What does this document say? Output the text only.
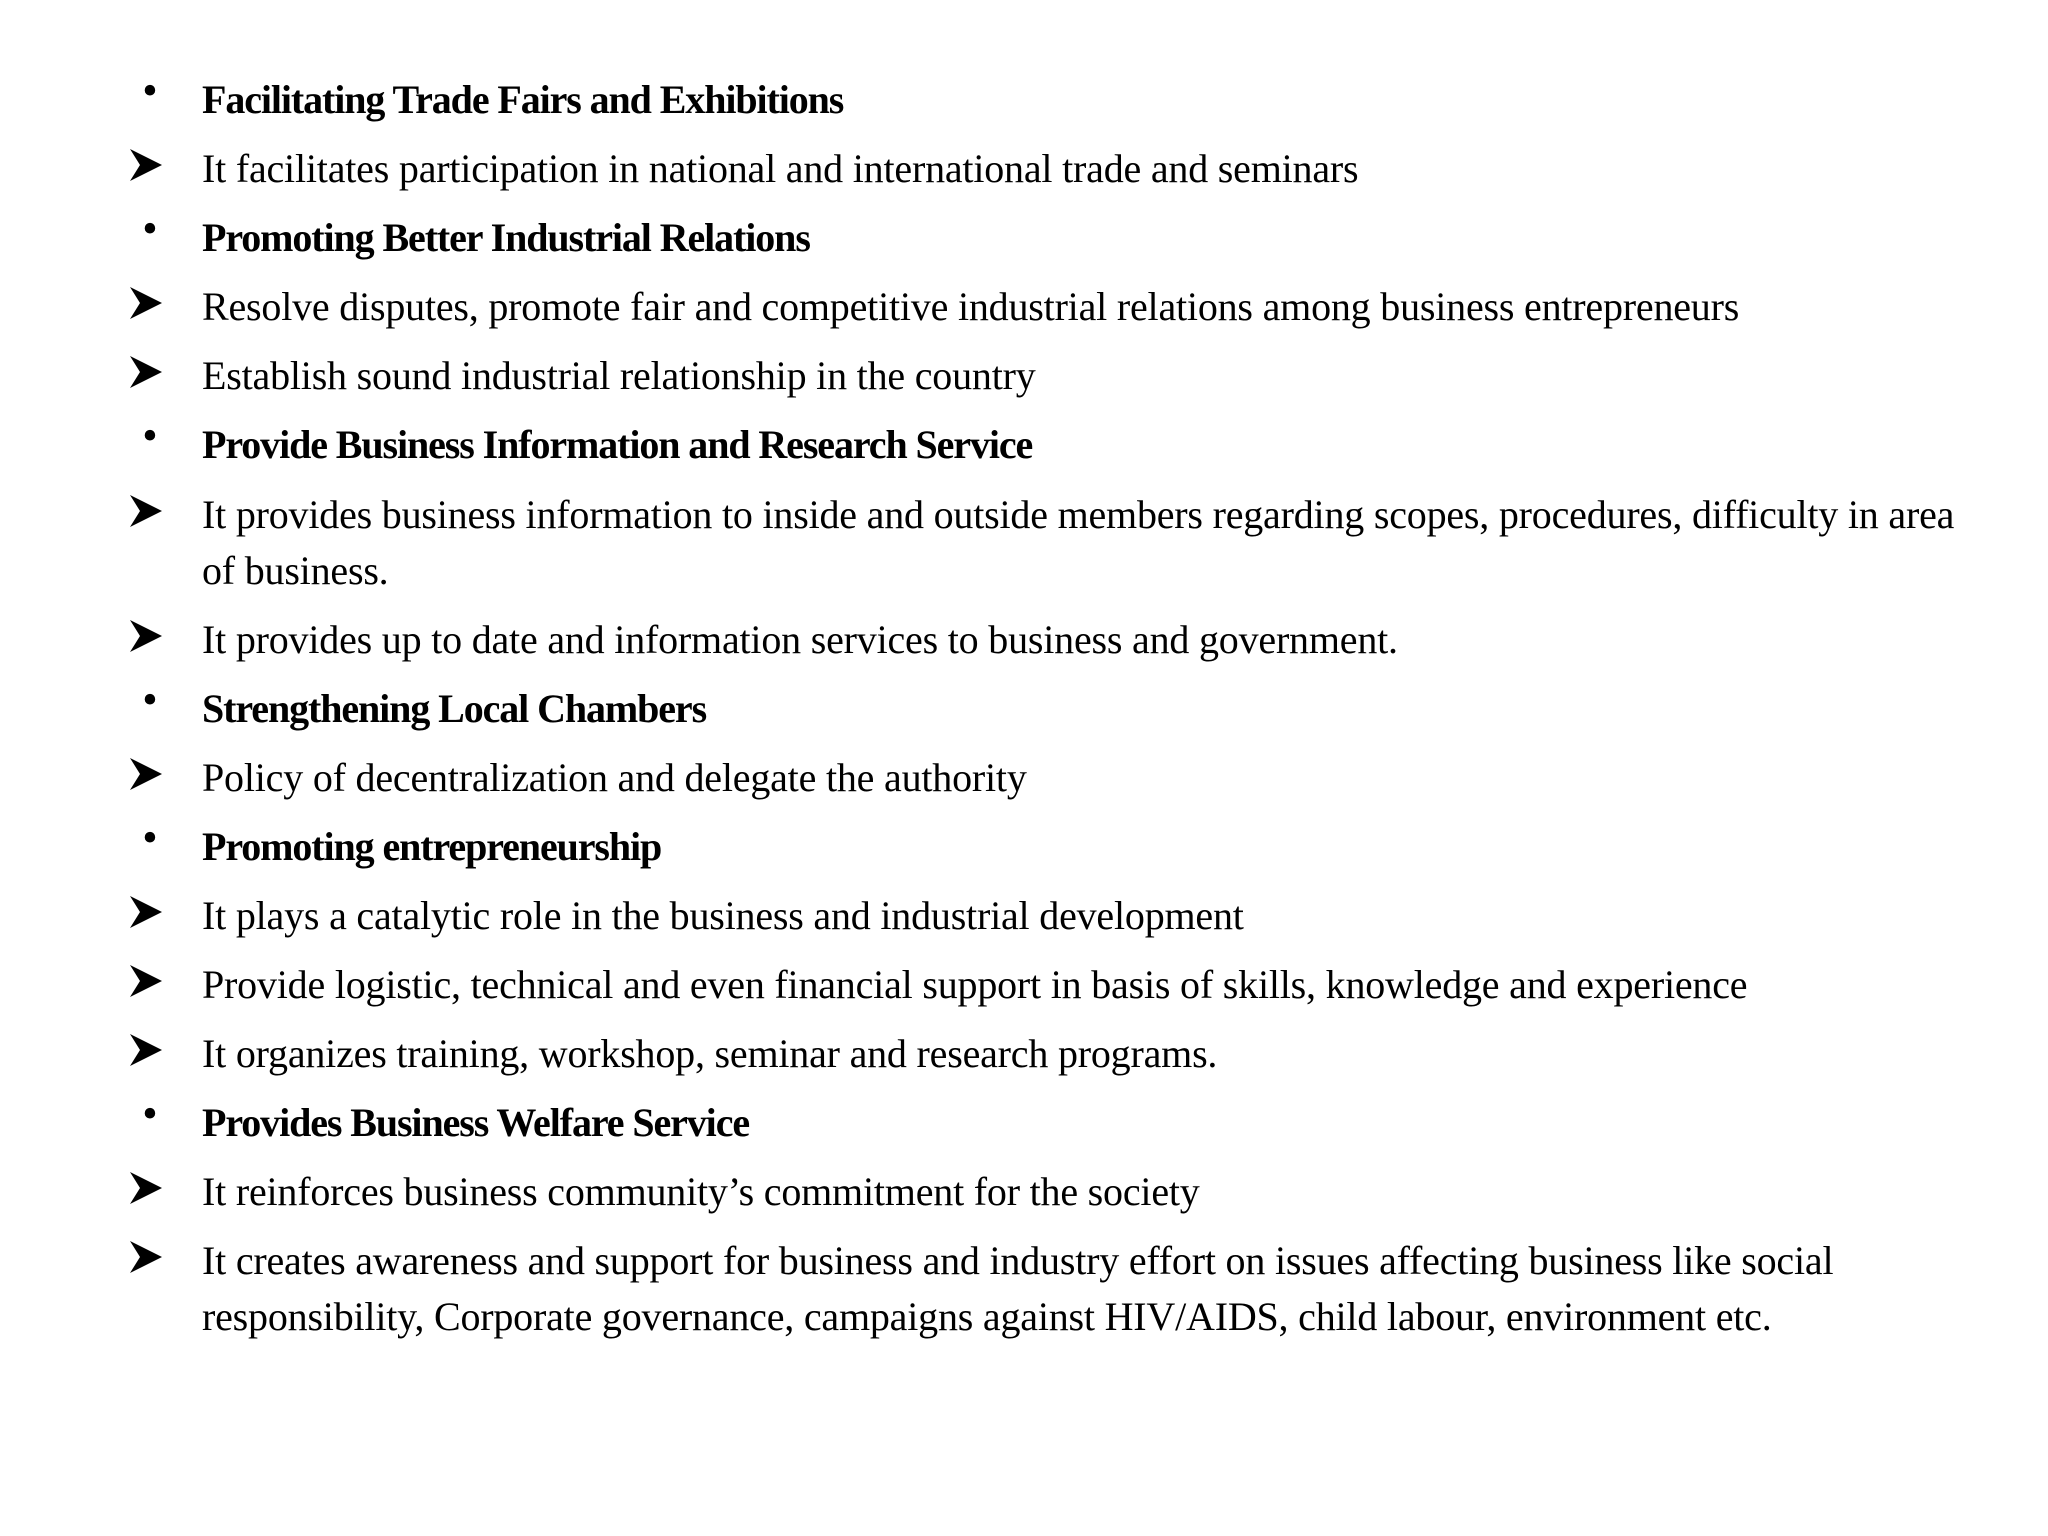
•	Facilitating Trade Fairs and Exhibitions
It facilitates participation in national and international trade and seminars
•	Promoting Better Industrial Relations
Resolve disputes, promote fair and competitive industrial relations among business entrepreneurs
Establish sound industrial relationship in the country
•	Provide Business Information and Research Service
It provides business information to inside and outside members regarding scopes, procedures, difficulty in area of business.
It provides up to date and information services to business and government.
•	Strengthening Local Chambers
Policy of decentralization and delegate the authority
•	Promoting entrepreneurship
It plays a catalytic role in the business and industrial development
Provide logistic, technical and even financial support in basis of skills, knowledge and experience
It organizes training, workshop, seminar and research programs.
•	Provides Business Welfare Service
It reinforces business community’s commitment for the society
It creates awareness and support for business and industry effort on issues affecting business like social responsibility, Corporate governance, campaigns against HIV/AIDS, child labour, environment etc.
